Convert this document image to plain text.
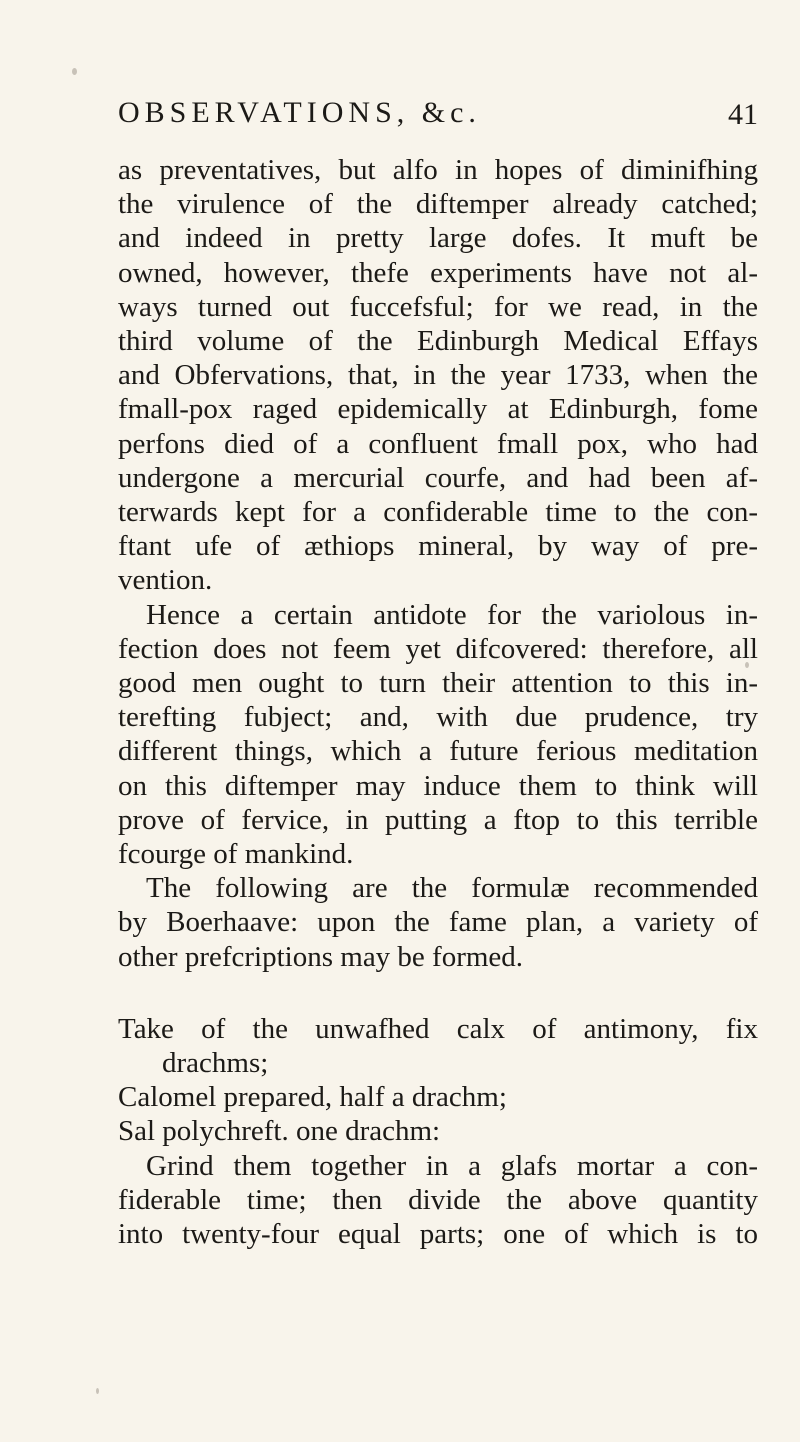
OBSERVATIONS, &c.	41
as preventatives, but alfo in hopes of diminifhing
the virulence of the diftemper already catched;
and indeed in pretty large dofes. It muft be
owned, however, thefe experiments have not al-
ways turned out fuccefsful; for we read, in the
third volume of the Edinburgh Medical Effays
and Obfervations, that, in the year 1733, when the
fmall-pox raged epidemically at Edinburgh, fome
perfons died of a confluent fmall pox, who had
undergone a mercurial courfe, and had been af-
terwards kept for a confiderable time to the con-
ftant ufe of æthiops mineral, by way of pre-
vention.
Hence a certain antidote for the variolous in-
fection does not feem yet difcovered: therefore, all
good men ought to turn their attention to this in-
terefting fubject; and, with due prudence, try
different things, which a future ferious meditation
on this diftemper may induce them to think will
prove of fervice, in putting a ftop to this terrible
fcourge of mankind.
The following are the formulæ recommended
by Boerhaave: upon the fame plan, a variety of
other prefcriptions may be formed.
Take of the unwafhed calx of antimony, fix
drachms;
Calomel prepared, half a drachm;
Sal polychreft. one drachm:
Grind them together in a glafs mortar a con-
fiderable time; then divide the above quantity
into twenty-four equal parts; one of which is to
